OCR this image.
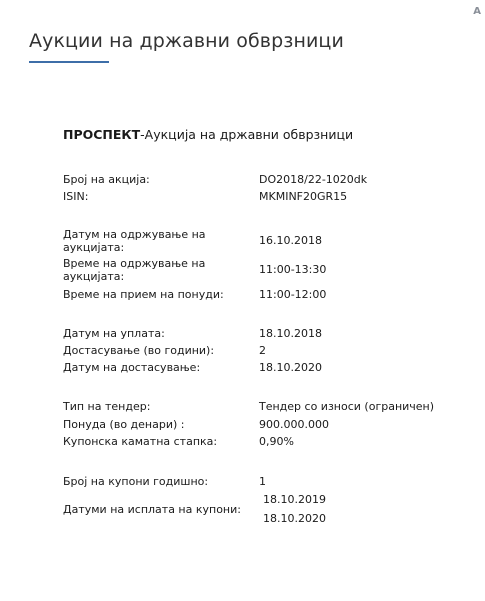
A
Аукции на државни обврзници
ПРОСПЕКТ-Аукција на државни обврзници
Број на акција:	DO2018/22-1020dk
ISIN:	MKMINF20GR15
Датум на одржување на аукцијата:
16.10.2018
Време на одржување на аукцијата:
11:00-13:30
Време на прием на понуди:	11:00-12:00
Датум на уплата:	18.10.2018
Достасување (во години):	2
Датум на достасување:	18.10.2020
Тип на тендер:	Тендер со износи (ограничен)
Понуда (во денари) :	900.000.000
Купонска каматна стапка:	0,90%
Број на купони годишно:	1
Датуми на исплата на купони:
18.10.2019
18.10.2020
